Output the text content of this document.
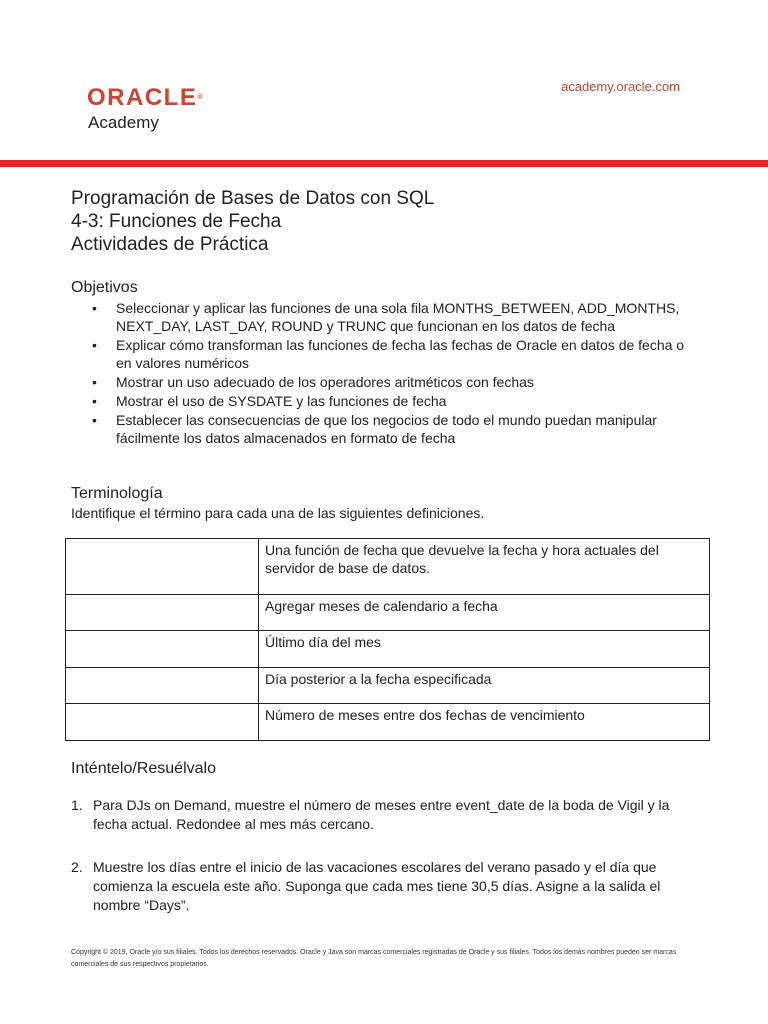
ORACLE®
Academy
academy.oracle.com
Programación de Bases de Datos con SQL
4-3: Funciones de Fecha
Actividades de Práctica
Objetivos
• Seleccionar y aplicar las funciones de una sola fila MONTHS_BETWEEN, ADD_MONTHS, NEXT_DAY, LAST_DAY, ROUND y TRUNC que funcionan en los datos de fecha
• Explicar cómo transforman las funciones de fecha las fechas de Oracle en datos de fecha o en valores numéricos
• Mostrar un uso adecuado de los operadores aritméticos con fechas
• Mostrar el uso de SYSDATE y las funciones de fecha
• Establecer las consecuencias de que los negocios de todo el mundo puedan manipular fácilmente los datos almacenados en formato de fecha
Terminología
Identifique el término para cada una de las siguientes definiciones.
	Una función de fecha que devuelve la fecha y hora actuales del servidor de base de datos.
	Agregar meses de calendario a fecha
	Último día del mes
	Día posterior a la fecha especificada
	Número de meses entre dos fechas de vencimiento
Inténtelo/Resuélvalo
1. Para DJs on Demand, muestre el número de meses entre event_date de la boda de Vigil y la fecha actual. Redondee al mes más cercano.
2. Muestre los días entre el inicio de las vacaciones escolares del verano pasado y el día que comienza la escuela este año. Suponga que cada mes tiene 30,5 días. Asigne a la salida el nombre “Days”.
Copyright © 2019, Oracle y/o sus filiales. Todos los derechos reservados. Oracle y Java son marcas comerciales registradas de Oracle y sus filiales. Todos los demás nombres pueden ser marcas comerciales de sus respectivos propietarios.
